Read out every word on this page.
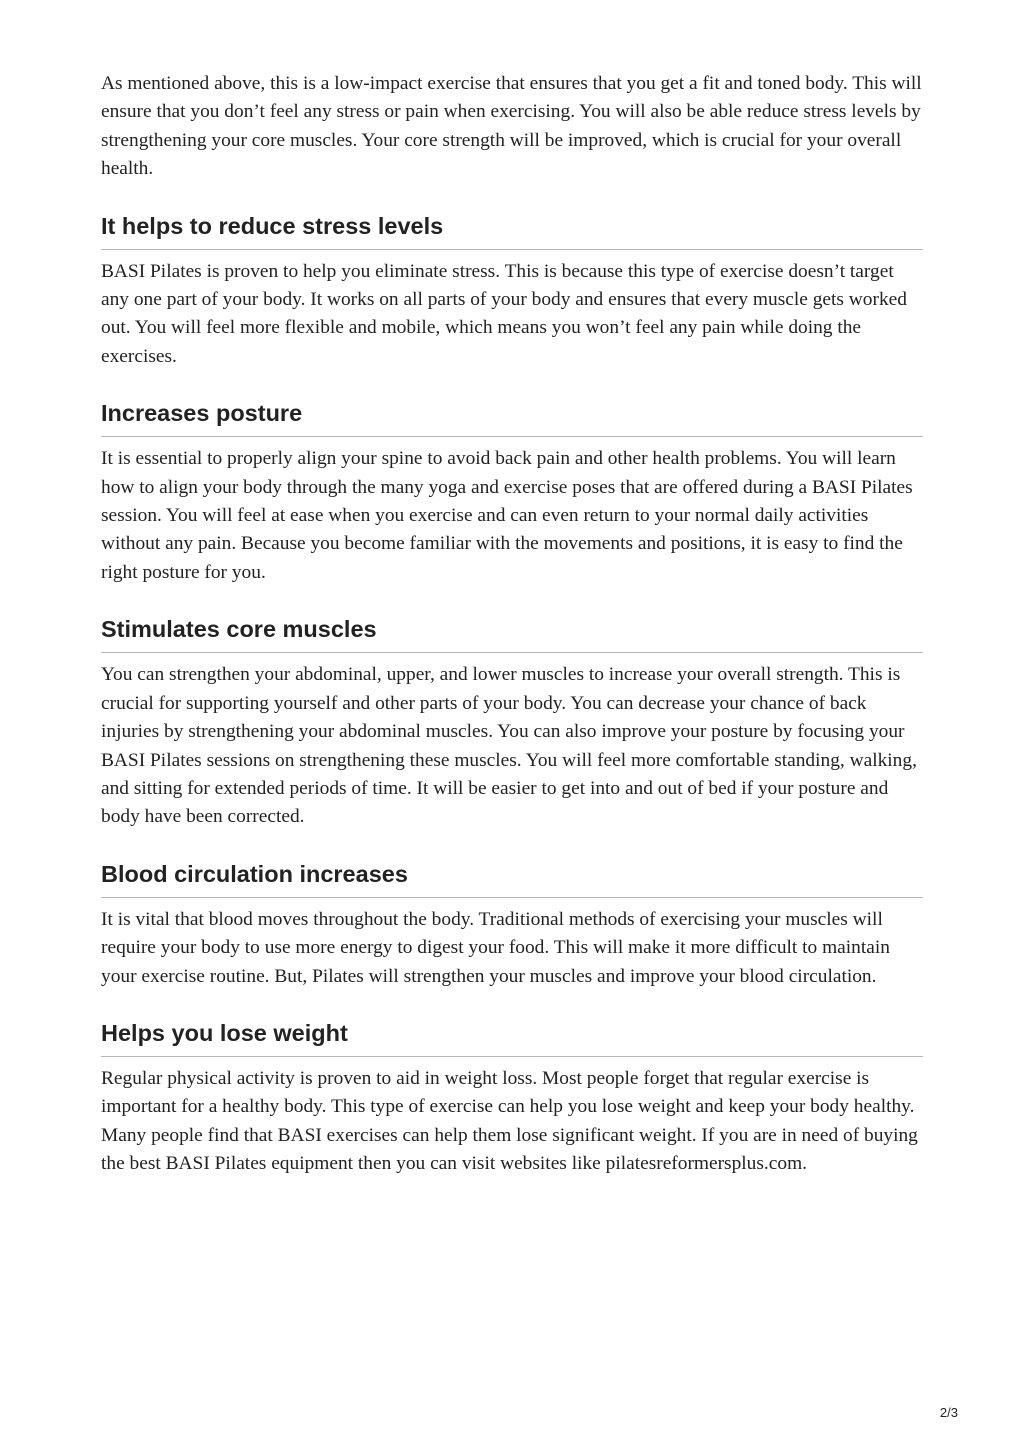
As mentioned above, this is a low-impact exercise that ensures that you get a fit and toned body. This will ensure that you don’t feel any stress or pain when exercising. You will also be able reduce stress levels by strengthening your core muscles. Your core strength will be improved, which is crucial for your overall health.

It helps to reduce stress levels

BASI Pilates is proven to help you eliminate stress. This is because this type of exercise doesn’t target any one part of your body. It works on all parts of your body and ensures that every muscle gets worked out. You will feel more flexible and mobile, which means you won’t feel any pain while doing the exercises.

Increases posture

It is essential to properly align your spine to avoid back pain and other health problems. You will learn how to align your body through the many yoga and exercise poses that are offered during a BASI Pilates session. You will feel at ease when you exercise and can even return to your normal daily activities without any pain. Because you become familiar with the movements and positions, it is easy to find the right posture for you.

Stimulates core muscles

You can strengthen your abdominal, upper, and lower muscles to increase your overall strength. This is crucial for supporting yourself and other parts of your body. You can decrease your chance of back injuries by strengthening your abdominal muscles. You can also improve your posture by focusing your BASI Pilates sessions on strengthening these muscles. You will feel more comfortable standing, walking, and sitting for extended periods of time. It will be easier to get into and out of bed if your posture and body have been corrected.

Blood circulation increases

It is vital that blood moves throughout the body. Traditional methods of exercising your muscles will require your body to use more energy to digest your food. This will make it more difficult to maintain your exercise routine. But, Pilates will strengthen your muscles and improve your blood circulation.

Helps you lose weight

Regular physical activity is proven to aid in weight loss. Most people forget that regular exercise is important for a healthy body. This type of exercise can help you lose weight and keep your body healthy. Many people find that BASI exercises can help them lose significant weight. If you are in need of buying the best BASI Pilates equipment then you can visit websites like pilatesreformersplus.com.

2/3
